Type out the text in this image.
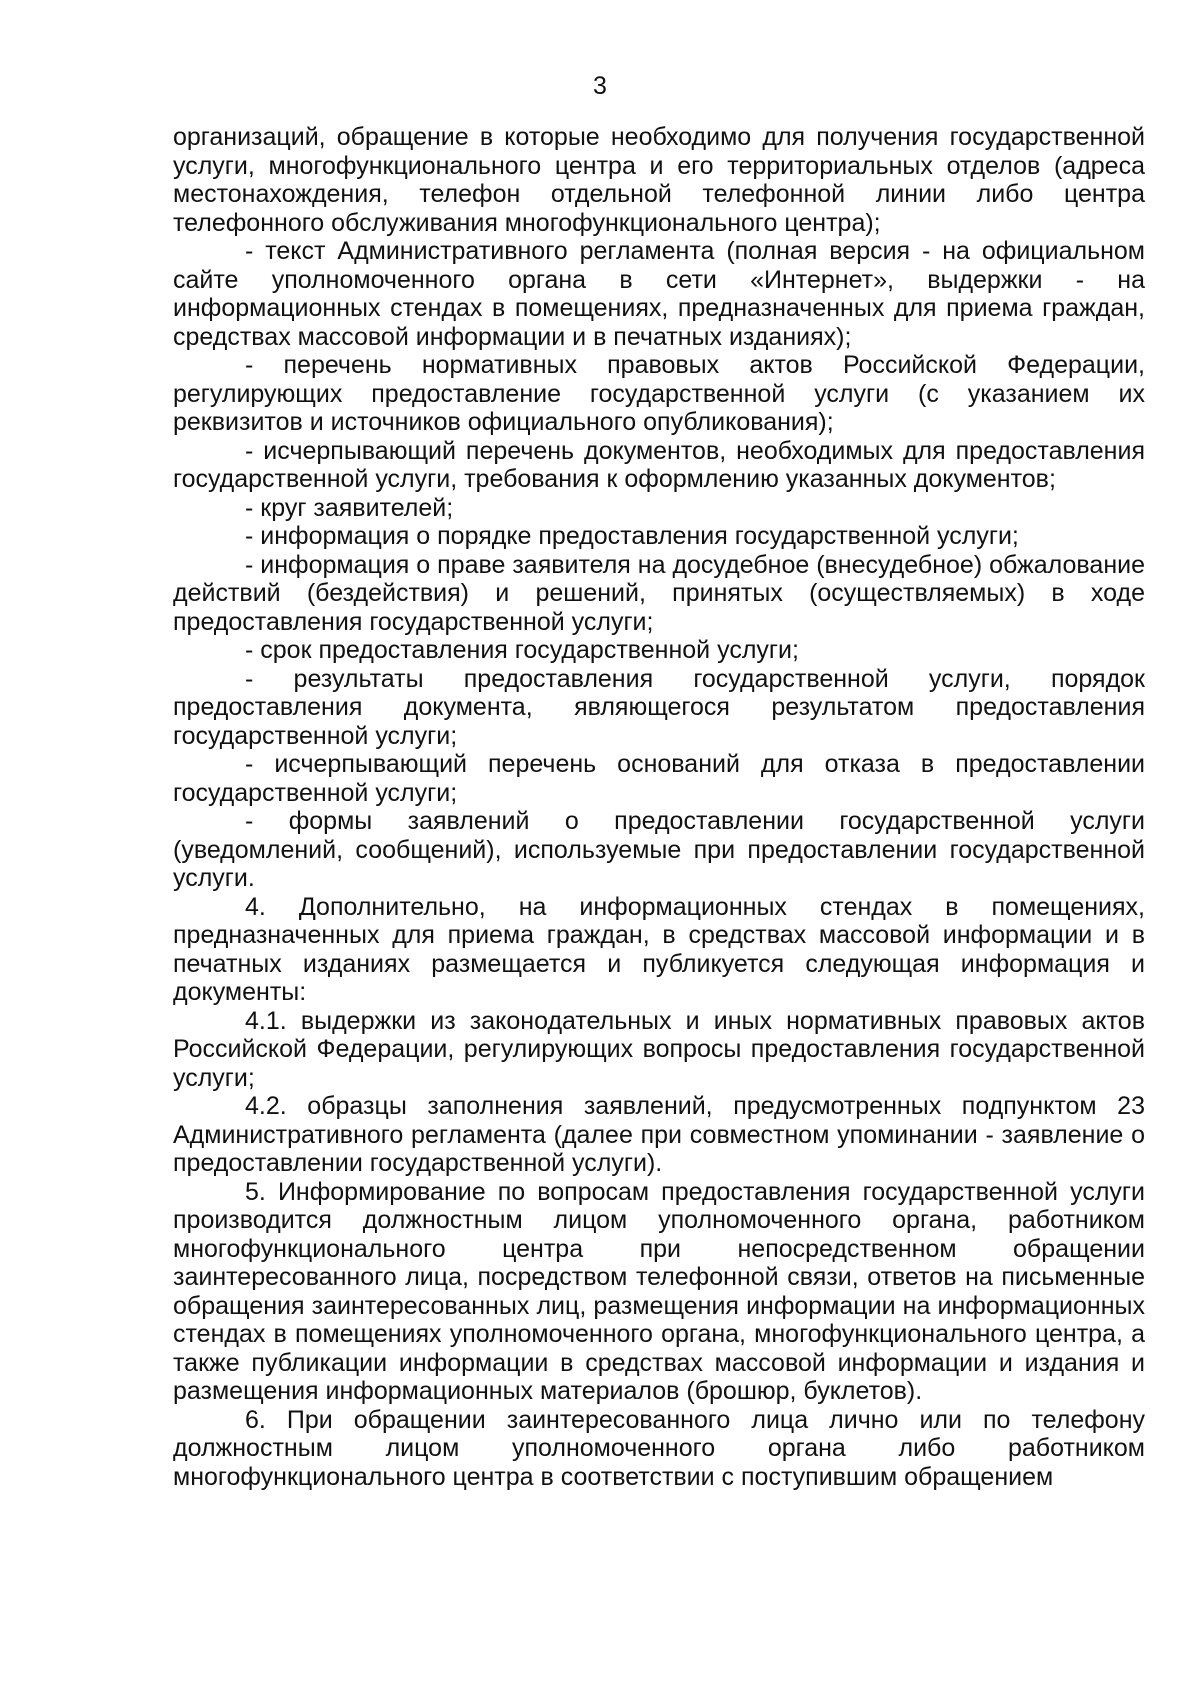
3

организаций, обращение в которые необходимо для получения государственной услуги, многофункционального центра и его территориальных отделов (адреса местонахождения, телефон отдельной телефонной линии либо центра телефонного обслуживания многофункционального центра);

- текст Административного регламента (полная версия - на официальном сайте уполномоченного органа в сети «Интернет», выдержки - на информационных стендах в помещениях, предназначенных для приема граждан, средствах массовой информации и в печатных изданиях);

- перечень нормативных правовых актов Российской Федерации, регулирующих предоставление государственной услуги (с указанием их реквизитов и источников официального опубликования);

- исчерпывающий перечень документов, необходимых для предоставления государственной услуги, требования к оформлению указанных документов;

- круг заявителей;

- информация о порядке предоставления государственной услуги;

- информация о праве заявителя на досудебное (внесудебное) обжалование действий (бездействия) и решений, принятых (осуществляемых) в ходе предоставления государственной услуги;

- срок предоставления государственной услуги;

- результаты предоставления государственной услуги, порядок предоставления документа, являющегося результатом предоставления государственной услуги;

- исчерпывающий перечень оснований для отказа в предоставлении государственной услуги;

- формы заявлений о предоставлении государственной услуги (уведомлений, сообщений), используемые при предоставлении государственной услуги.

4. Дополнительно, на информационных стендах в помещениях, предназначенных для приема граждан, в средствах массовой информации и в печатных изданиях размещается и публикуется следующая информация и документы:

4.1. выдержки из законодательных и иных нормативных правовых актов Российской Федерации, регулирующих вопросы предоставления государственной услуги;

4.2. образцы заполнения заявлений, предусмотренных подпунктом 23 Административного регламента (далее при совместном упоминании - заявление о предоставлении государственной услуги).

5. Информирование по вопросам предоставления государственной услуги производится должностным лицом уполномоченного органа, работником многофункционального центра при непосредственном обращении заинтересованного лица, посредством телефонной связи, ответов на письменные обращения заинтересованных лиц, размещения информации на информационных стендах в помещениях уполномоченного органа, многофункционального центра, а также публикации информации в средствах массовой информации и издания и размещения информационных материалов (брошюр, буклетов).

6. При обращении заинтересованного лица лично или по телефону должностным лицом уполномоченного органа либо работником многофункционального центра в соответствии с поступившим обращением
